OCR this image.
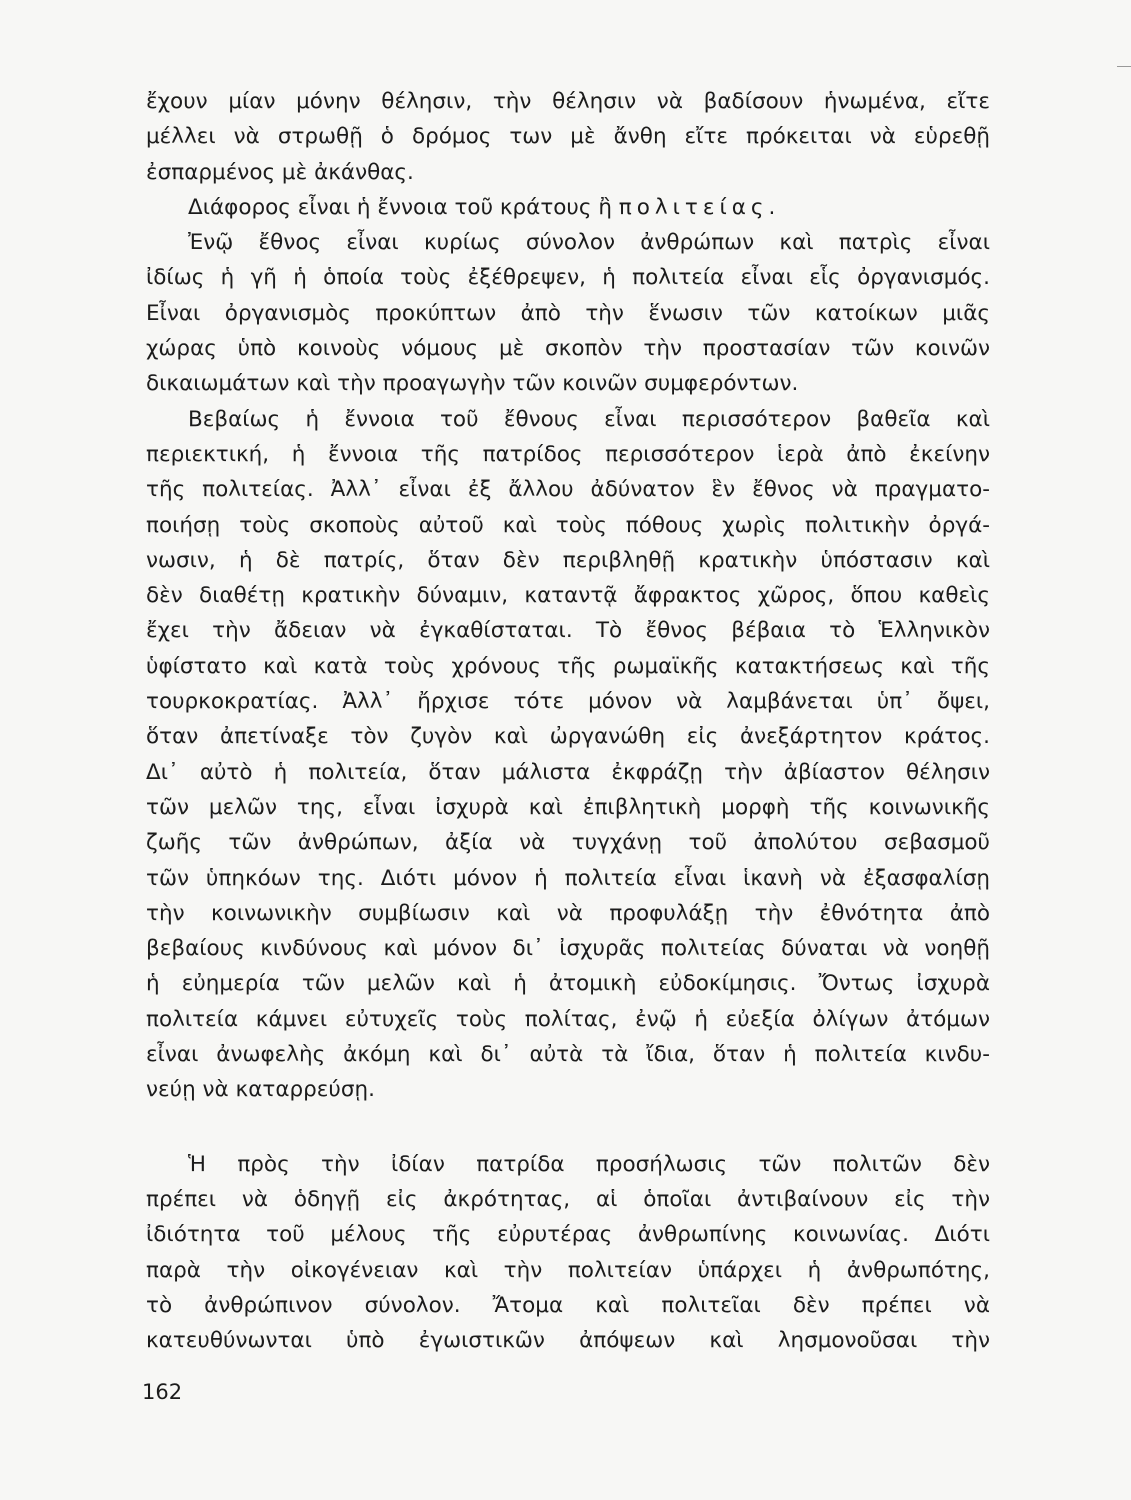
ἔχουν μίαν μόνην θέλησιν, τὴν θέλησιν νὰ βαδίσουν ἡνωμένα, εἴτε
μέλλει νὰ στρωθῇ ὁ δρόμος των μὲ ἄνθη εἴτε πρόκειται νὰ εὑρεθῇ
ἐσπαρμένος μὲ ἀκάνθας.
Διάφορος εἶναι ἡ ἔννοια τοῦ κράτους ἢ πολιτείας.
Ἐνῷ ἔθνος εἶναι κυρίως σύνολον ἀνθρώπων καὶ πατρὶς εἶναι
ἰδίως ἡ γῆ ἡ ὁποία τοὺς ἐξέθρεψεν, ἡ πολιτεία εἶναι εἷς ὀργανισμός.
Εἶναι ὀργανισμὸς προκύπτων ἀπὸ τὴν ἕνωσιν τῶν κατοίκων μιᾶς
χώρας ὑπὸ κοινοὺς νόμους μὲ σκοπὸν τὴν προστασίαν τῶν κοινῶν
δικαιωμάτων καὶ τὴν προαγωγὴν τῶν κοινῶν συμφερόντων.
Βεβαίως ἡ ἔννοια τοῦ ἔθνους εἶναι περισσότερον βαθεῖα καὶ
περιεκτική, ἡ ἔννοια τῆς πατρίδος περισσότερον ἱερὰ ἀπὸ ἐκείνην
τῆς πολιτείας. Ἀλλ᾽ εἶναι ἐξ ἄλλου ἀδύνατον ἓν ἔθνος νὰ πραγματο-
ποιήσῃ τοὺς σκοποὺς αὐτοῦ καὶ τοὺς πόθους χωρὶς πολιτικὴν ὀργά-
νωσιν, ἡ δὲ πατρίς, ὅταν δὲν περιβληθῇ κρατικὴν ὑπόστασιν καὶ
δὲν διαθέτῃ κρατικὴν δύναμιν, καταντᾷ ἄφρακτος χῶρος, ὅπου καθεὶς
ἔχει τὴν ἄδειαν νὰ ἐγκαθίσταται. Τὸ ἔθνος βέβαια τὸ Ἑλληνικὸν
ὑφίστατο καὶ κατὰ τοὺς χρόνους τῆς ρωμαϊκῆς κατακτήσεως καὶ τῆς
τουρκοκρατίας. Ἀλλ᾽ ἤρχισε τότε μόνον νὰ λαμβάνεται ὑπ᾽ ὄψει,
ὅταν ἀπετίναξε τὸν ζυγὸν καὶ ὠργανώθη εἰς ἀνεξάρτητον κράτος.
Δι᾽ αὐτὸ ἡ πολιτεία, ὅταν μάλιστα ἐκφράζῃ τὴν ἀβίαστον θέλησιν
τῶν μελῶν της, εἶναι ἰσχυρὰ καὶ ἐπιβλητικὴ μορφὴ τῆς κοινωνικῆς
ζωῆς τῶν ἀνθρώπων, ἀξία νὰ τυγχάνῃ τοῦ ἀπολύτου σεβασμοῦ
τῶν ὑπηκόων της. Διότι μόνον ἡ πολιτεία εἶναι ἱκανὴ νὰ ἐξασφαλίσῃ
τὴν κοινωνικὴν συμβίωσιν καὶ νὰ προφυλάξῃ τὴν ἐθνότητα ἀπὸ
βεβαίους κινδύνους καὶ μόνον δι᾽ ἰσχυρᾶς πολιτείας δύναται νὰ νοηθῇ
ἡ εὐημερία τῶν μελῶν καὶ ἡ ἀτομικὴ εὐδοκίμησις. Ὄντως ἰσχυρὰ
πολιτεία κάμνει εὐτυχεῖς τοὺς πολίτας, ἐνῷ ἡ εὐεξία ὀλίγων ἀτόμων
εἶναι ἀνωφελὴς ἀκόμη καὶ δι᾽ αὐτὰ τὰ ἴδια, ὅταν ἡ πολιτεία κινδυ-
νεύῃ νὰ καταρρεύσῃ.
Ἡ πρὸς τὴν ἰδίαν πατρίδα προσήλωσις τῶν πολιτῶν δὲν
πρέπει νὰ ὁδηγῇ εἰς ἀκρότητας, αἱ ὁποῖαι ἀντιβαίνουν εἰς τὴν
ἰδιότητα τοῦ μέλους τῆς εὐρυτέρας ἀνθρωπίνης κοινωνίας. Διότι
παρὰ τὴν οἰκογένειαν καὶ τὴν πολιτείαν ὑπάρχει ἡ ἀνθρωπότης,
τὸ ἀνθρώπινον σύνολον. Ἄτομα καὶ πολιτεῖαι δὲν πρέπει νὰ
κατευθύνωνται ὑπὸ ἐγωιστικῶν ἀπόψεων καὶ λησμονοῦσαι τὴν
162
